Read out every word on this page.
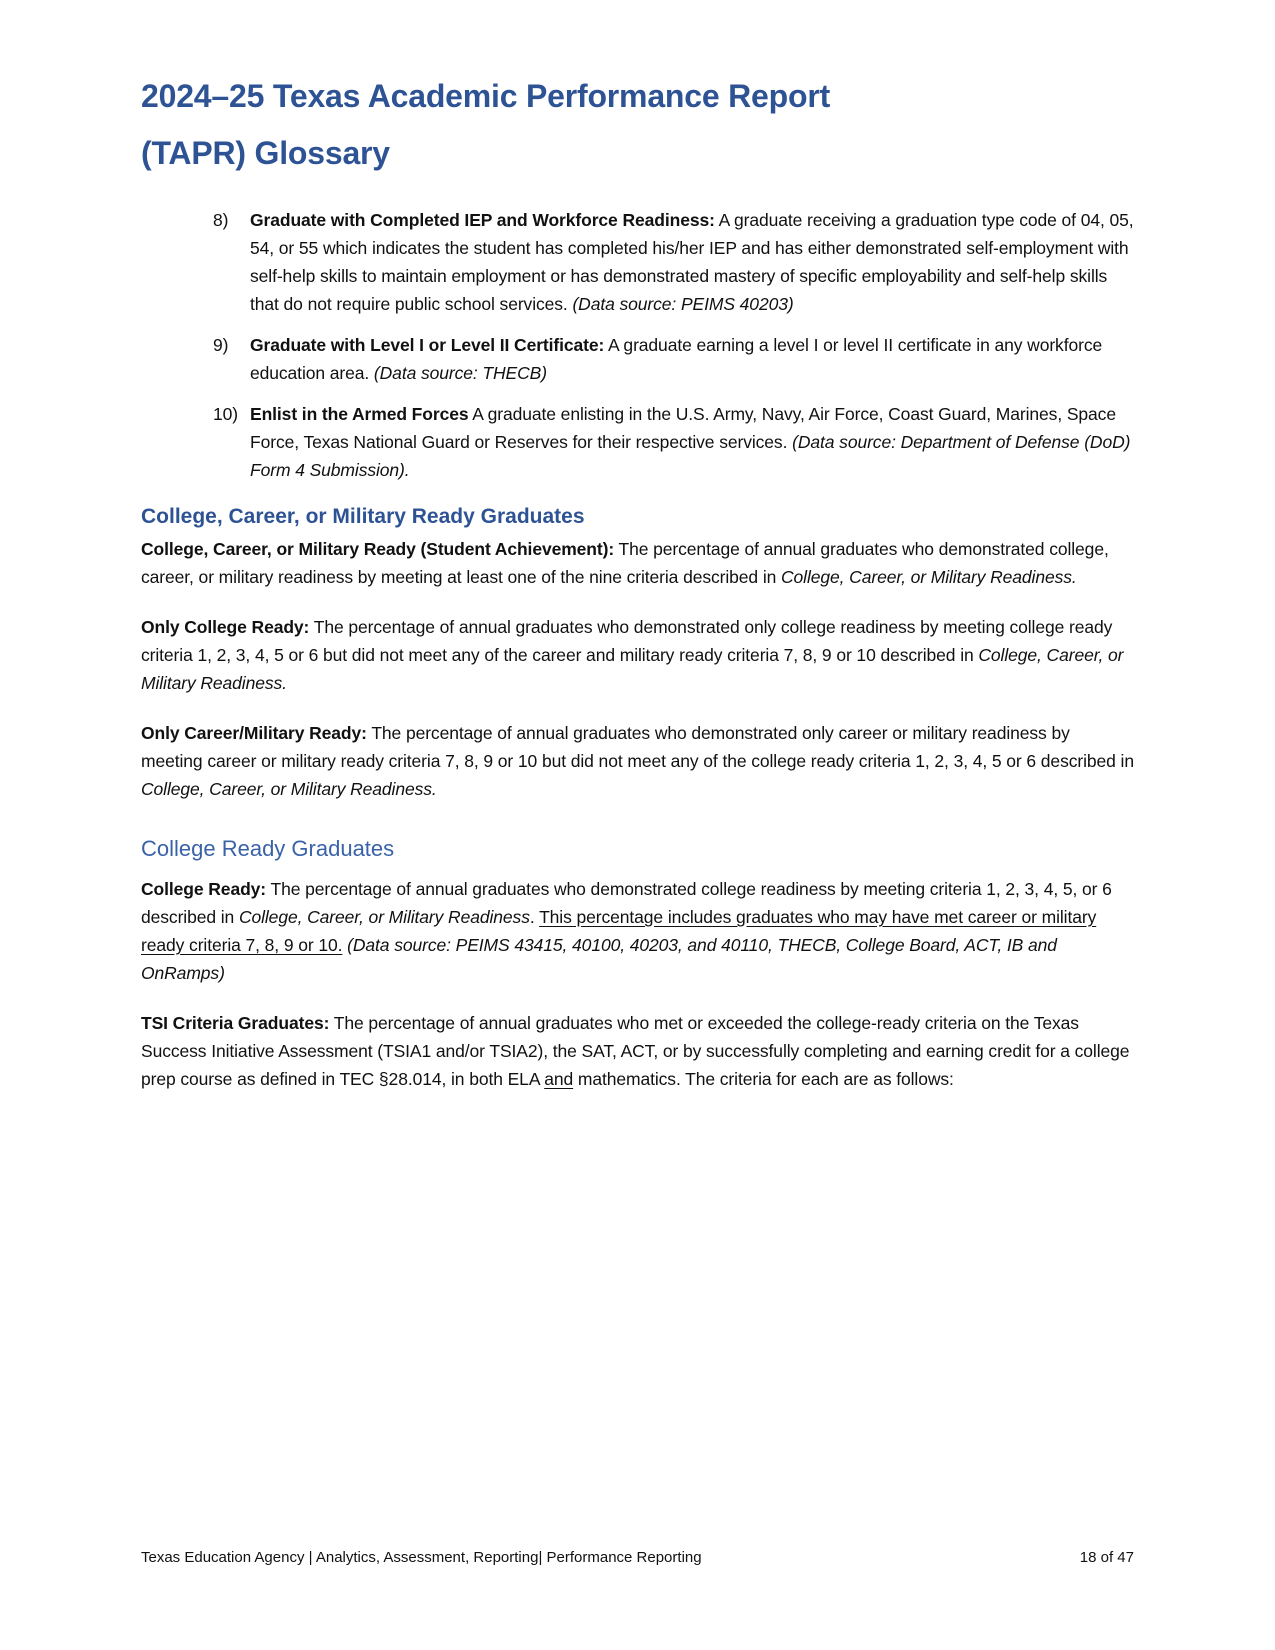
2024–25 Texas Academic Performance Report
(TAPR) Glossary
8)	Graduate with Completed IEP and Workforce Readiness: A graduate receiving a graduation type code of 04, 05, 54, or 55 which indicates the student has completed his/her IEP and has either demonstrated self-employment with self-help skills to maintain employment or has demonstrated mastery of specific employability and self-help skills that do not require public school services. (Data source: PEIMS 40203)
9)	Graduate with Level I or Level II Certificate: A graduate earning a level I or level II certificate in any workforce education area. (Data source: THECB)
10) Enlist in the Armed Forces A graduate enlisting in the U.S. Army, Navy, Air Force, Coast Guard, Marines, Space Force, Texas National Guard or Reserves for their respective services. (Data source: Department of Defense (DoD) Form 4 Submission).
College, Career, or Military Ready Graduates

College, Career, or Military Ready (Student Achievement): The percentage of annual graduates who demonstrated college, career, or military readiness by meeting at least one of the nine criteria described in College, Career, or Military Readiness.

Only College Ready: The percentage of annual graduates who demonstrated only college readiness by meeting college ready criteria 1, 2, 3, 4, 5 or 6 but did not meet any of the career and military ready criteria 7, 8, 9 or 10 described in College, Career, or Military Readiness.

Only Career/Military Ready: The percentage of annual graduates who demonstrated only career or military readiness by meeting career or military ready criteria 7, 8, 9 or 10 but did not meet any of the college ready criteria 1, 2, 3, 4, 5 or 6 described in College, Career, or Military Readiness.

College Ready Graduates

College Ready: The percentage of annual graduates who demonstrated college readiness by meeting criteria 1, 2, 3, 4, 5, or 6 described in College, Career, or Military Readiness. This percentage includes graduates who may have met career or military ready criteria 7, 8, 9 or 10. (Data source: PEIMS 43415, 40100, 40203, and 40110, THECB, College Board, ACT, IB and OnRamps)

TSI Criteria Graduates: The percentage of annual graduates who met or exceeded the college-ready criteria on the Texas Success Initiative Assessment (TSIA1 and/or TSIA2), the SAT, ACT, or by successfully completing and earning credit for a college prep course as defined in TEC §28.014, in both ELA and mathematics. The criteria for each are as follows:

Texas Education Agency | Analytics, Assessment, Reporting| Performance Reporting	18 of 47
